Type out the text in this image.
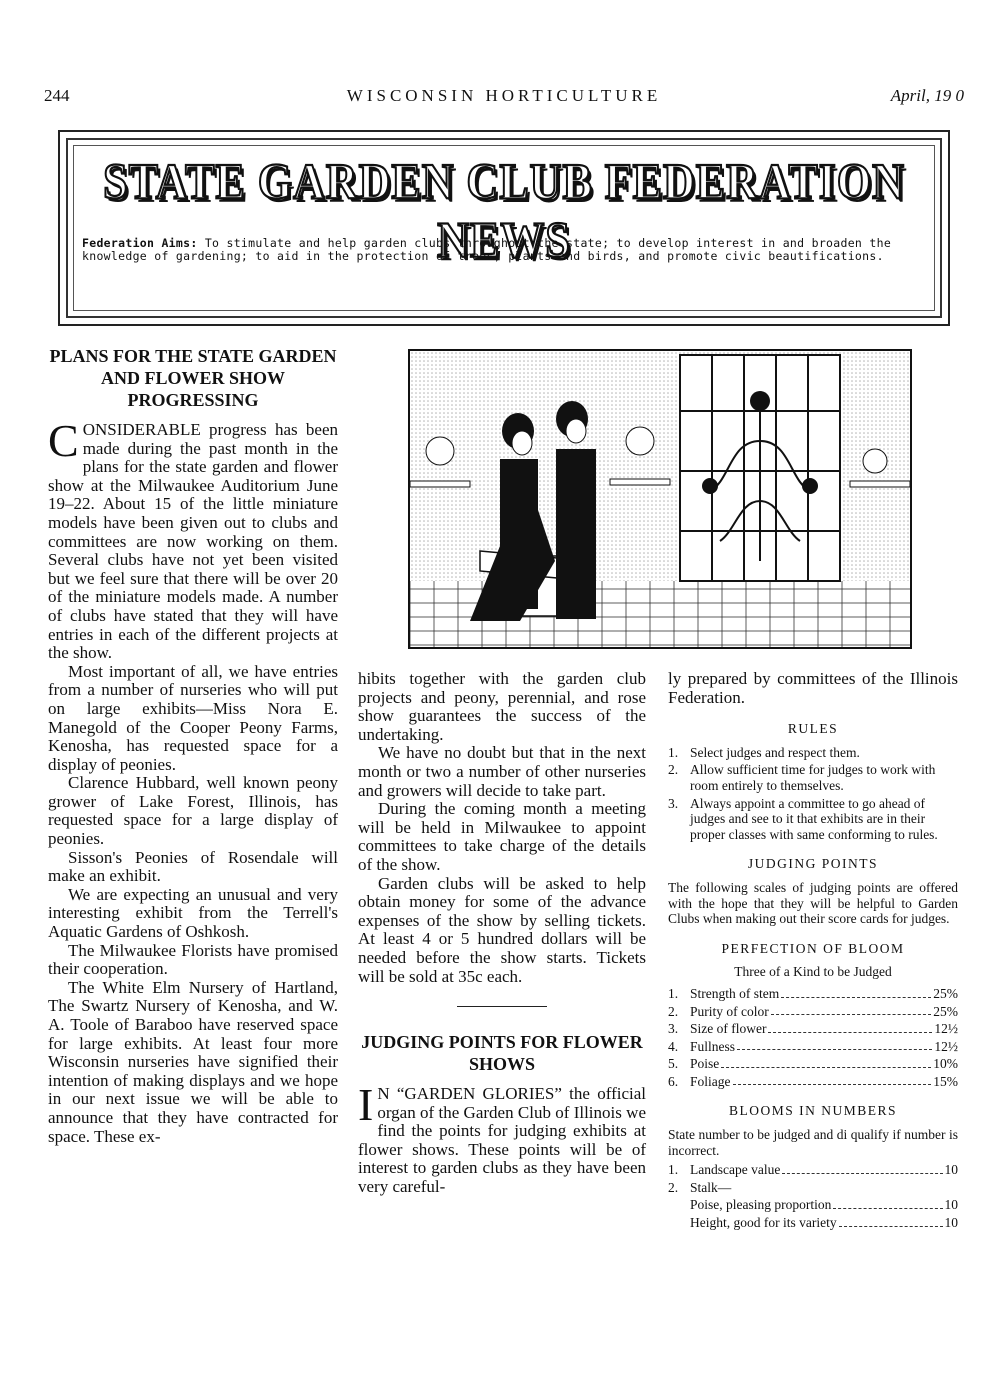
244	WISCONSIN HORTICULTURE	April, 19 0
STATE GARDEN CLUB FEDERATION NEWS
Federation Aims: To stimulate and help garden clubs throughout the state; to develop interest in and broaden the knowledge of gardening; to aid in the protection of trees, plants and birds, and promote civic beautifications.
PLANS FOR THE STATE GARDEN AND FLOWER SHOW PROGRESSING

CONSIDERABLE progress has been made during the past month in the plans for the state garden and flower show at the Milwaukee Auditorium June 19–22. About 15 of the little miniature models have been given out to clubs and committees are now working on them. Several clubs have not yet been visited but we feel sure that there will be over 20 of the miniature models made. A number of clubs have stated that they will have entries in each of the different projects at the show.

Most important of all, we have entries from a number of nurseries who will put on large exhibits—Miss Nora E. Manegold of the Cooper Peony Farms, Kenosha, has requested space for a display of peonies.

Clarence Hubbard, well known peony grower of Lake Forest, Illinois, has requested space for a large display of peonies.

Sisson's Peonies of Rosendale will make an exhibit.

We are expecting an unusual and very interesting exhibit from the Terrell's Aquatic Gardens of Oshkosh.

The Milwaukee Florists have promised their cooperation.

The White Elm Nursery of Hartland, The Swartz Nursery of Kenosha, and W. A. Toole of Baraboo have reserved space for large exhibits. At least four more Wisconsin nurseries have signified their intention of making displays and we hope in our next issue we will be able to announce that they have contracted for space. These ex-

hibits together with the garden club projects and peony, perennial, and rose show guarantees the success of the undertaking.

We have no doubt but that in the next month or two a number of other nurseries and growers will decide to take part.

During the coming month a meeting will be held in Milwaukee to appoint committees to take charge of the details of the show.

Garden clubs will be asked to help obtain money for some of the advance expenses of the show by selling tickets. At least 4 or 5 hundred dollars will be needed before the show starts. Tickets will be sold at 35c each.

JUDGING POINTS FOR FLOWER SHOWS

I N “GARDEN GLORIES” the official organ of the Garden Club of Illinois we find the points for judging exhibits at flower shows. These points will be of interest to garden clubs as they have been very careful-

ly prepared by committees of the Illinois Federation.

RULES
1. Select judges and respect them.
2. Allow sufficient time for judges to work with room entirely to themselves.
3. Always appoint a committee to go ahead of judges and see to it that exhibits are in their proper classes with same conforming to rules.
JUDGING POINTS

The following scales of judging points are offered with the hope that they will be helpful to Garden Clubs when making out their score cards for judges.

PERFECTION OF BLOOM
Three of a Kind to be Judged
1. Strength of stem	25%
2. Purity of color	25%
3. Size of flower	12½
4. Fullness	12½
5. Poise	10%
6. Foliage	15%
BLOOMS IN NUMBERS

State number to be judged and di qualify if number is incorrect.

1. Landscape value	10
2. Stalk—
Poise, pleasing proportion	10
Height, good for its variety	10
